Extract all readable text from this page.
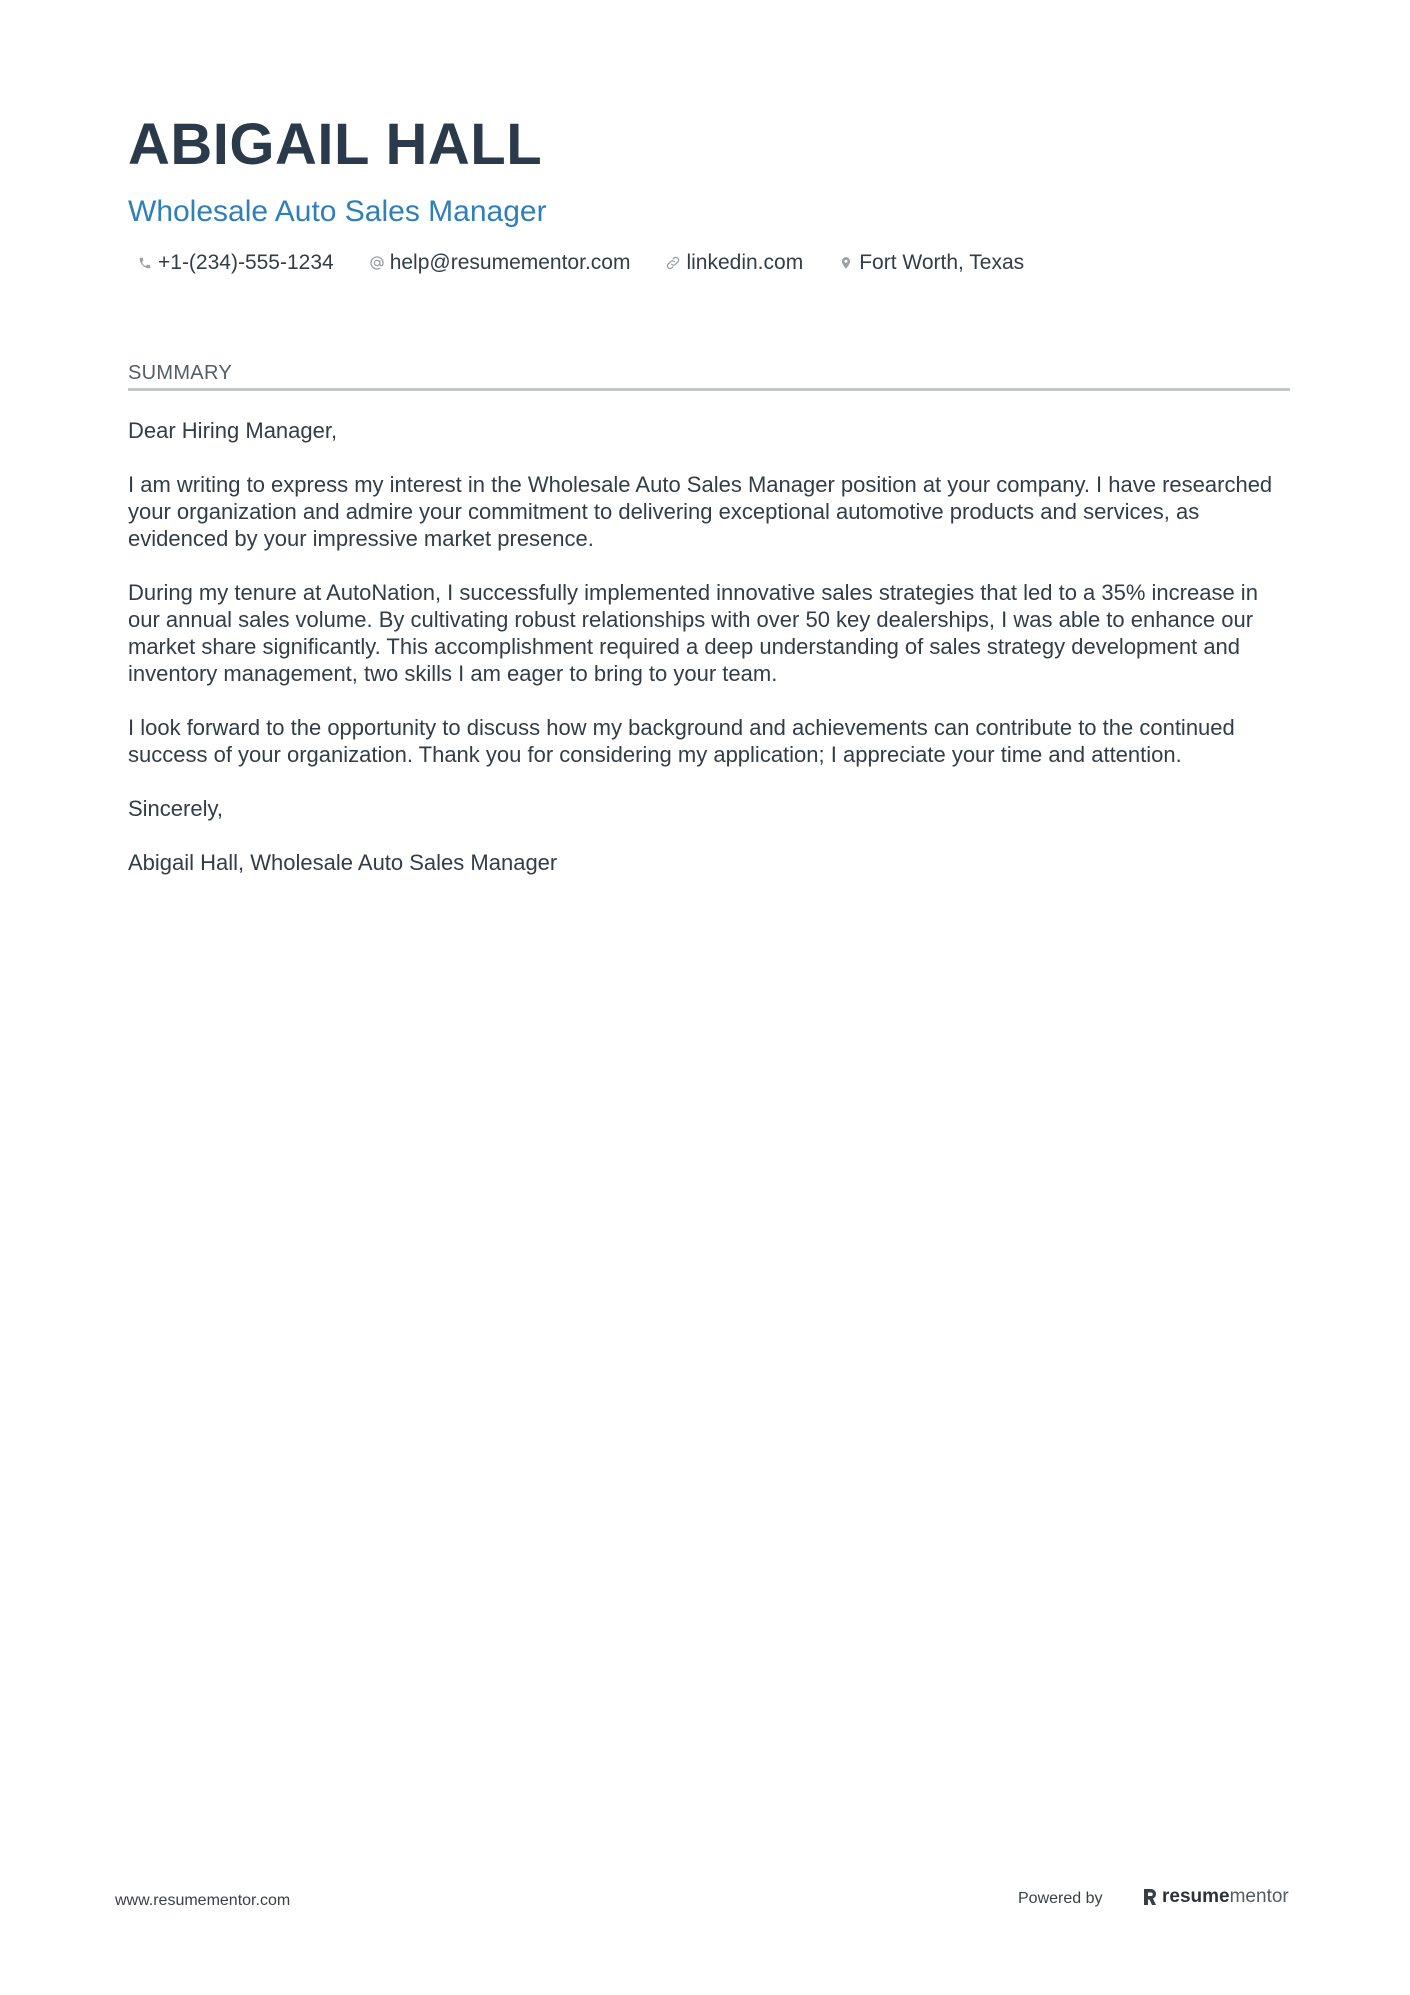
ABIGAIL HALL
Wholesale Auto Sales Manager
+1-(234)-555-1234	help@resumementor.com	linkedin.com	Fort Worth, Texas
SUMMARY

Dear Hiring Manager,

I am writing to express my interest in the Wholesale Auto Sales Manager position at your company. I have researched your organization and admire your commitment to delivering exceptional automotive products and services, as evidenced by your impressive market presence.

During my tenure at AutoNation, I successfully implemented innovative sales strategies that led to a 35% increase in our annual sales volume. By cultivating robust relationships with over 50 key dealerships, I was able to enhance our market share significantly. This accomplishment required a deep understanding of sales strategy development and inventory management, two skills I am eager to bring to your team.

I look forward to the opportunity to discuss how my background and achievements can contribute to the continued success of your organization. Thank you for considering my application; I appreciate your time and attention.

Sincerely,

Abigail Hall, Wholesale Auto Sales Manager

www.resumementor.com	Powered by	resume mentor
